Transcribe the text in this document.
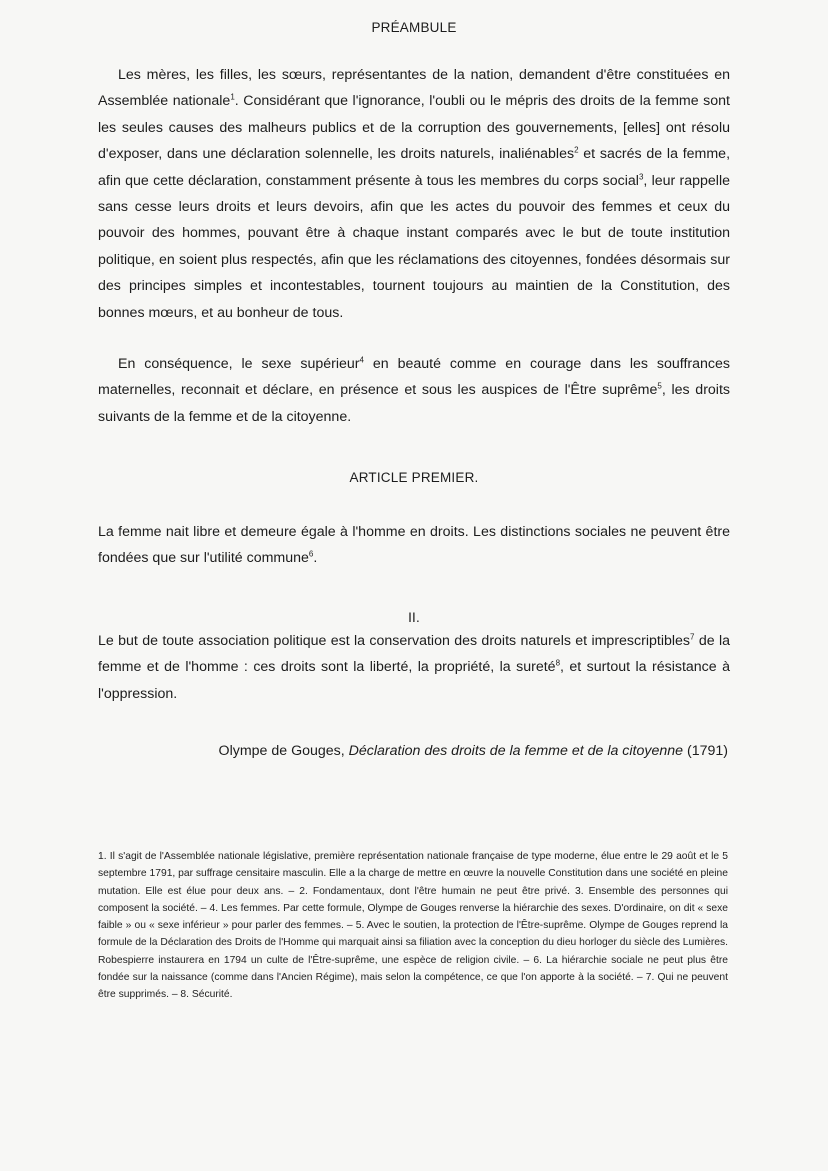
PRÉAMBULE

Les mères, les filles, les sœurs, représentantes de la nation, demandent d'être constituées en Assemblée nationale$^1$. Considérant que l'ignorance, l'oubli ou le mépris des droits de la femme sont les seules causes des malheurs publics et de la corruption des gouvernements, [elles] ont résolu d'exposer, dans une déclaration solennelle, les droits naturels, inaliénables$^2$ et sacrés de la femme, afin que cette déclaration, constamment présente à tous les membres du corps social$^3$, leur rappelle sans cesse leurs droits et leurs devoirs, afin que les actes du pouvoir des femmes et ceux du pouvoir des hommes, pouvant être à chaque instant comparés avec le but de toute institution politique, en soient plus respectés, afin que les réclamations des citoyennes, fondées désormais sur des principes simples et incontestables, tournent toujours au maintien de la Constitution, des bonnes mœurs, et au bonheur de tous.

En conséquence, le sexe supérieur$^4$ en beauté comme en courage dans les souffrances maternelles, reconnait et déclare, en présence et sous les auspices de l'Être suprême$^5$, les droits suivants de la femme et de la citoyenne.

ARTICLE PREMIER.

La femme nait libre et demeure égale à l'homme en droits. Les distinctions sociales ne peuvent être fondées que sur l'utilité commune$^6$.

II.

Le but de toute association politique est la conservation des droits naturels et imprescriptibles$^7$ de la femme et de l'homme : ces droits sont la liberté, la propriété, la sureté$^8$, et surtout la résistance à l'oppression.

Olympe de Gouges, Déclaration des droits de la femme et de la citoyenne (1791)
1. Il s'agit de l'Assemblée nationale législative, première représentation nationale française de type moderne, élue entre le 29 août et le 5 septembre 1791, par suffrage censitaire masculin. Elle a la charge de mettre en œuvre la nouvelle Constitution dans une société en pleine mutation. Elle est élue pour deux ans. – 2. Fondamentaux, dont l'être humain ne peut être privé. 3. Ensemble des personnes qui composent la société. – 4. Les femmes. Par cette formule, Olympe de Gouges renverse la hiérarchie des sexes. D'ordinaire, on dit « sexe faible » ou « sexe inférieur » pour parler des femmes. – 5. Avec le soutien, la protection de l'Être-suprême. Olympe de Gouges reprend la formule de la Déclaration des Droits de l'Homme qui marquait ainsi sa filiation avec la conception du dieu horloger du siècle des Lumières. Robespierre instaurera en 1794 un culte de l'Être-suprême, une espèce de religion civile. – 6. La hiérarchie sociale ne peut plus être fondée sur la naissance (comme dans l'Ancien Régime), mais selon la compétence, ce que l'on apporte à la société. – 7. Qui ne peuvent être supprimés. – 8. Sécurité.
